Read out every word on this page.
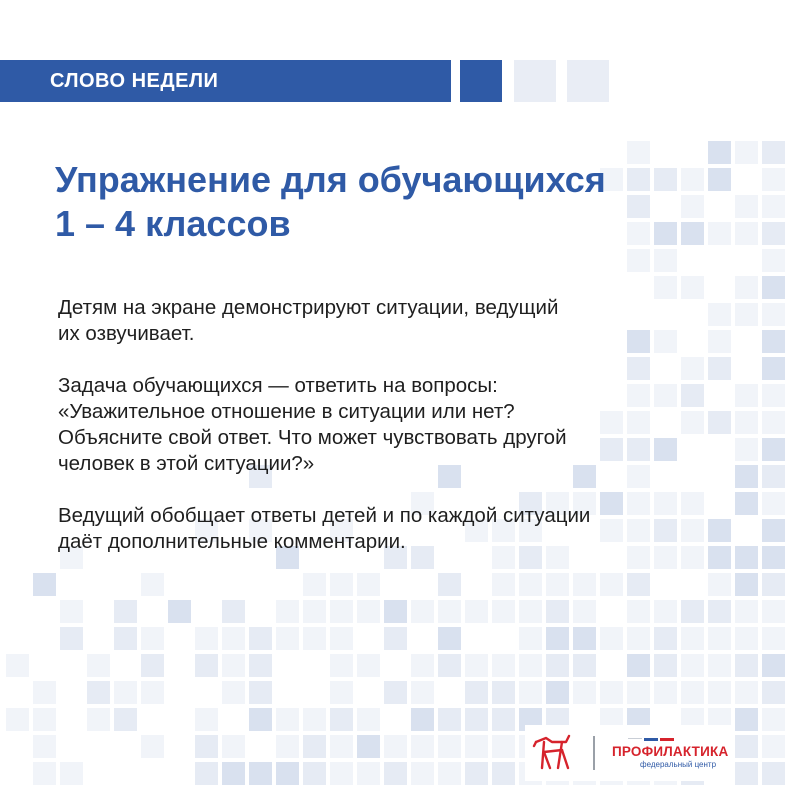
СЛОВО НЕДЕЛИ
Упражнение для обучающихся
1 – 4 классов

Детям на экране демонстрируют ситуации, ведущий
их озвучивает.

Задача обучающихся — ответить на вопросы:
«Уважительное отношение в ситуации или нет?
Объясните свой ответ. Что может чувствовать другой
человек в этой ситуации?»

Ведущий обобщает ответы детей и по каждой ситуации
даёт дополнительные комментарии.

ПРОФИЛАКТИКА
федеральный центр
